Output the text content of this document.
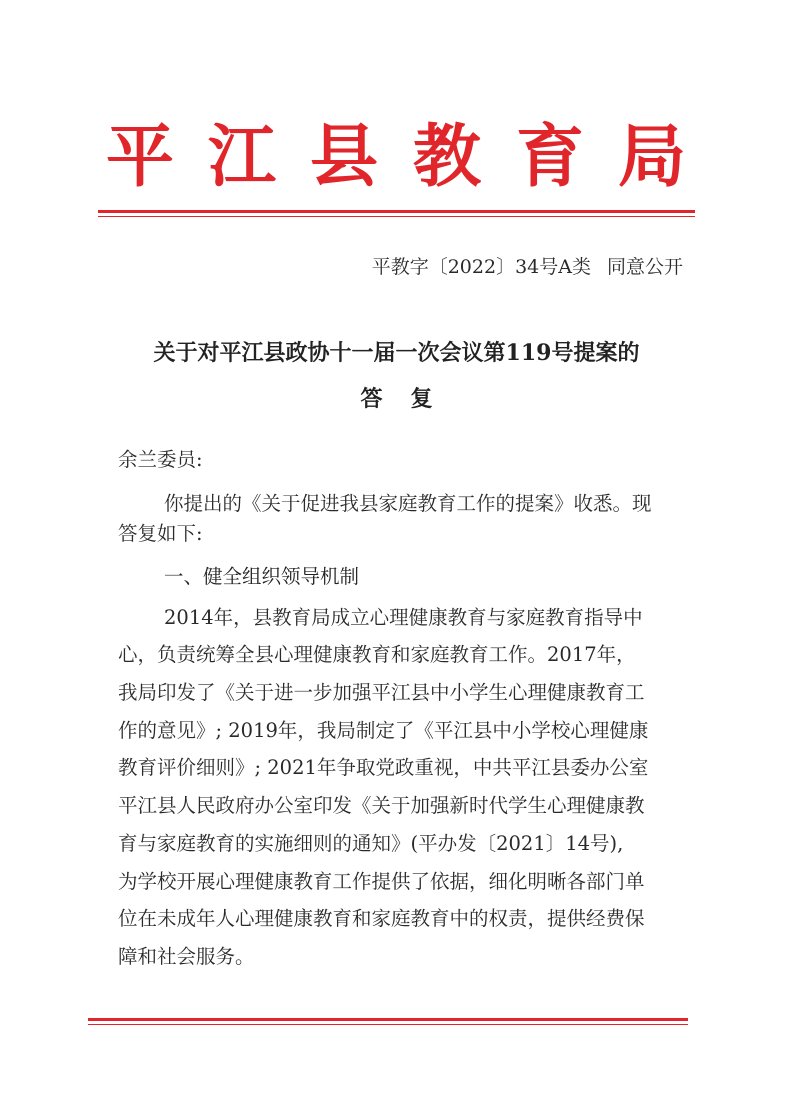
平 江 县 教 育 局
平教字〔2022〕34号A类 同意公开
关于对平江县政协十一届一次会议第119号提案的
答复
余兰委员:
你提出的《关于促进我县家庭教育工作的提案》收悉。现
答复如下:
一、健全组织领导机制
2014年，县教育局成立心理健康教育与家庭教育指导中
心，负责统筹全县心理健康教育和家庭教育工作。2017年，
我局印发了《关于进一步加强平江县中小学生心理健康教育工
作的意见》; 2019年，我局制定了《平江县中小学校心理健康
教育评价细则》; 2021年争取党政重视，中共平江县委办公室
平江县人民政府办公室印发《关于加强新时代学生心理健康教
育与家庭教育的实施细则的通知》(平办发〔2021〕14号),
为学校开展心理健康教育工作提供了依据，细化明晰各部门单
位在未成年人心理健康教育和家庭教育中的权责，提供经费保
障和社会服务。
